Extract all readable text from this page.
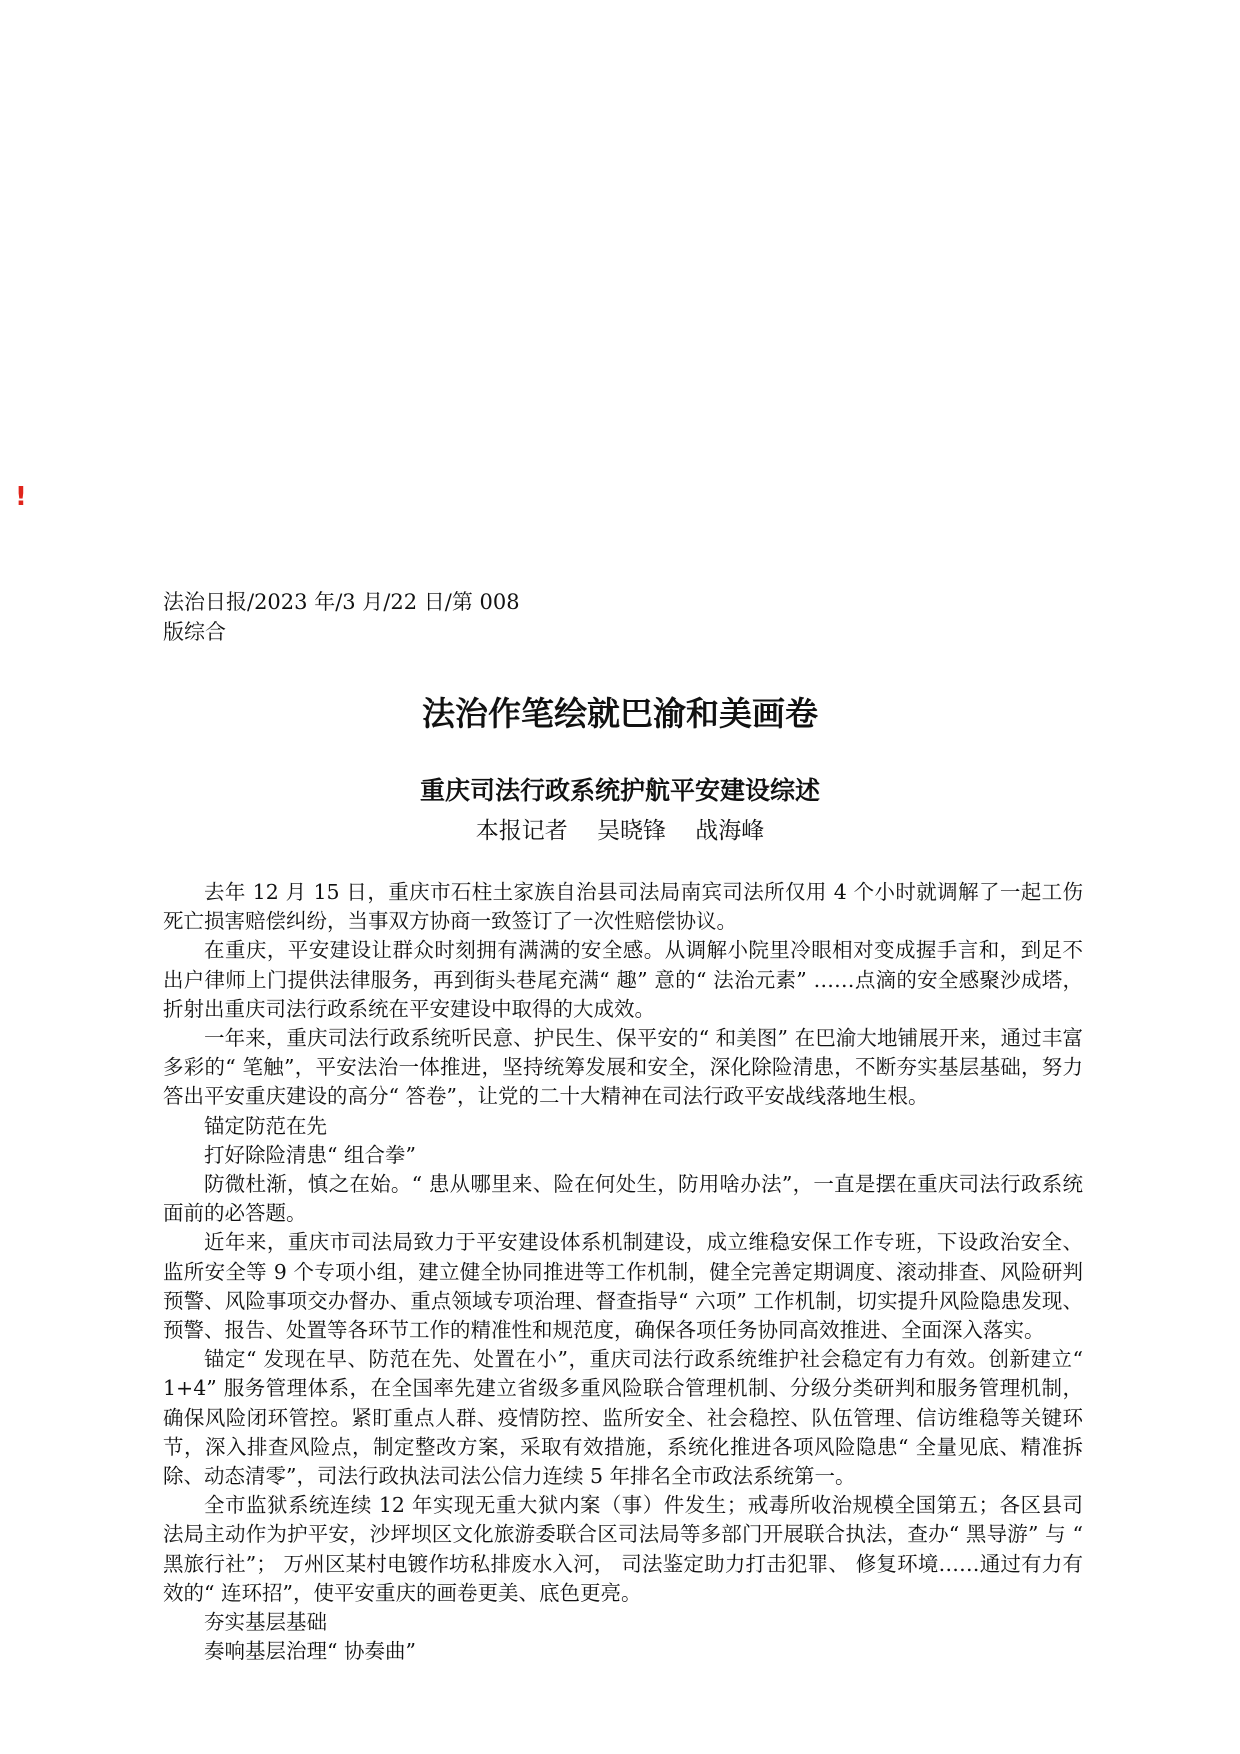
!
法治日报/2023 年/3 月/22 日/第 008
版综合
法治作笔绘就巴渝和美画卷
重庆司法行政系统护航平安建设综述
本报记者    吴晓锋    战海峰

去年 12 月 15 日，重庆市石柱土家族自治县司法局南宾司法所仅用 4 个小时就调解了一起工伤死亡损害赔偿纠纷，当事双方协商一致签订了一次性赔偿协议。

在重庆，平安建设让群众时刻拥有满满的安全感。从调解小院里冷眼相对变成握手言和，到足不出户律师上门提供法律服务，再到街头巷尾充满“ 趣” 意的“ 法治元素” ……点滴的安全感聚沙成塔，折射出重庆司法行政系统在平安建设中取得的大成效。

一年来，重庆司法行政系统听民意、护民生、保平安的“ 和美图” 在巴渝大地铺展开来，通过丰富多彩的“ 笔触”，平安法治一体推进，坚持统筹发展和安全，深化除险清患，不断夯实基层基础，努力答出平安重庆建设的高分“ 答卷”，让党的二十大精神在司法行政平安战线落地生根。

锚定防范在先

打好除险清患“ 组合拳”

防微杜渐，慎之在始。“ 患从哪里来、险在何处生，防用啥办法”，一直是摆在重庆司法行政系统面前的必答题。

近年来，重庆市司法局致力于平安建设体系机制建设，成立维稳安保工作专班，下设政治安全、监所安全等 9 个专项小组，建立健全协同推进等工作机制，健全完善定期调度、滚动排查、风险研判预警、风险事项交办督办、重点领域专项治理、督查指导“ 六项” 工作机制，切实提升风险隐患发现、预警、报告、处置等各环节工作的精准性和规范度，确保各项任务协同高效推进、全面深入落实。

锚定“ 发现在早、防范在先、处置在小”，重庆司法行政系统维护社会稳定有力有效。创新建立“ 1+4” 服务管理体系，在全国率先建立省级多重风险联合管理机制、分级分类研判和服务管理机制，确保风险闭环管控。紧盯重点人群、疫情防控、监所安全、社会稳控、队伍管理、信访维稳等关键环节，深入排查风险点，制定整改方案，采取有效措施，系统化推进各项风险隐患“ 全量见底、精准拆除、动态清零”，司法行政执法司法公信力连续 5 年排名全市政法系统第一。

全市监狱系统连续 12 年实现无重大狱内案（事）件发生；戒毒所收治规模全国第五；各区县司法局主动作为护平安，沙坪坝区文化旅游委联合区司法局等多部门开展联合执法，查办“ 黑导游” 与 “ 黑旅行社”； 万州区某村电镀作坊私排废水入河， 司法鉴定助力打击犯罪、 修复环境……通过有力有效的“ 连环招”，使平安重庆的画卷更美、底色更亮。

夯实基层基础

奏响基层治理“ 协奏曲”
